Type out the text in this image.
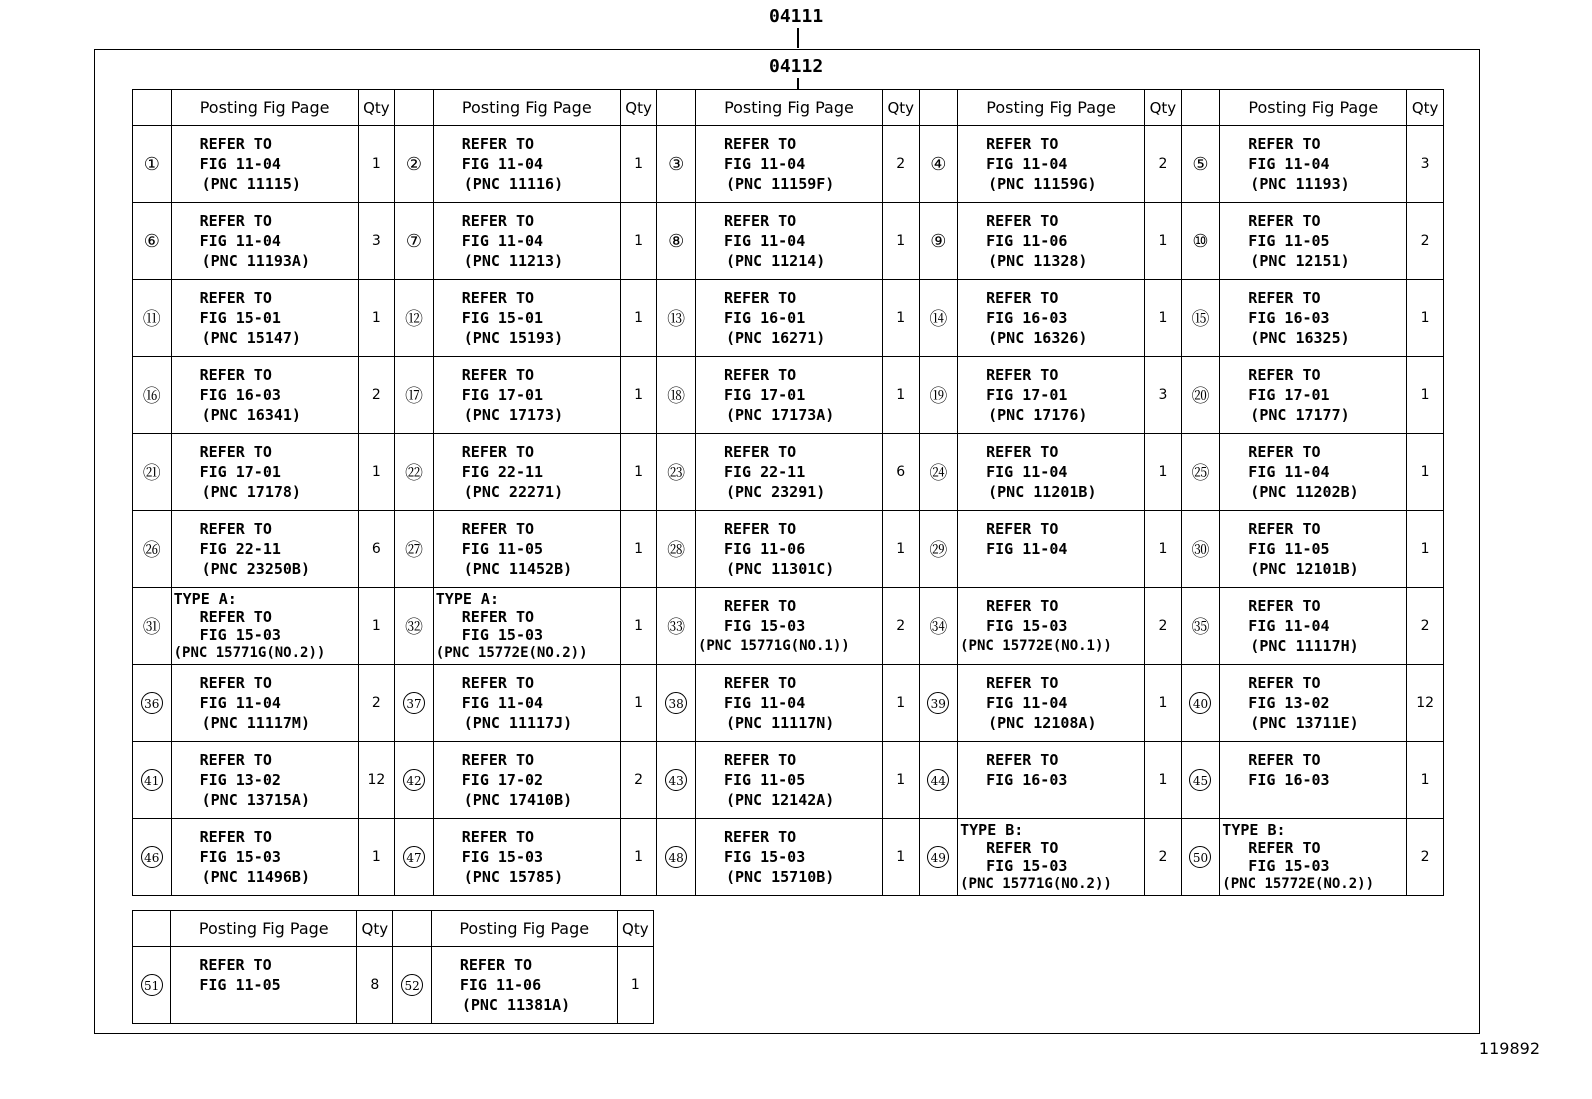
04111
04112
	Posting Fig Page	Qty		Posting Fig Page	Qty		Posting Fig Page	Qty		Posting Fig Page	Qty		Posting Fig Page	Qty
①	REFER TO
FIG 11-04
(PNC 11115)	1	②	REFER TO
FIG 11-04
(PNC 11116)	1	③	REFER TO
FIG 11-04
(PNC 11159F)	2	④	REFER TO
FIG 11-04
(PNC 11159G)	2	⑤	REFER TO
FIG 11-04
(PNC 11193)	3
⑥	REFER TO
FIG 11-04
(PNC 11193A)	3	⑦	REFER TO
FIG 11-04
(PNC 11213)	1	⑧	REFER TO
FIG 11-04
(PNC 11214)	1	⑨	REFER TO
FIG 11-06
(PNC 11328)	1	⑩	REFER TO
FIG 11-05
(PNC 12151)	2
⑪	REFER TO
FIG 15-01
(PNC 15147)	1	⑫	REFER TO
FIG 15-01
(PNC 15193)	1	⑬	REFER TO
FIG 16-01
(PNC 16271)	1	⑭	REFER TO
FIG 16-03
(PNC 16326)	1	⑮	REFER TO
FIG 16-03
(PNC 16325)	1
⑯	REFER TO
FIG 16-03
(PNC 16341)	2	⑰	REFER TO
FIG 17-01
(PNC 17173)	1	⑱	REFER TO
FIG 17-01
(PNC 17173A)	1	⑲	REFER TO
FIG 17-01
(PNC 17176)	3	⑳	REFER TO
FIG 17-01
(PNC 17177)	1
㉑	REFER TO
FIG 17-01
(PNC 17178)	1	㉒	REFER TO
FIG 22-11
(PNC 22271)	1	㉓	REFER TO
FIG 22-11
(PNC 23291)	6	㉔	REFER TO
FIG 11-04
(PNC 11201B)	1	㉕	REFER TO
FIG 11-04
(PNC 11202B)	1
㉖	REFER TO
FIG 22-11
(PNC 23250B)	6	㉗	REFER TO
FIG 11-05
(PNC 11452B)	1	㉘	REFER TO
FIG 11-06
(PNC 11301C)	1	㉙	REFER TO
FIG 11-04	1	㉚	REFER TO
FIG 11-05
(PNC 12101B)	1
㉛	TYPE A:
REFER TO
FIG 15-03
(PNC 15771G(NO.2))	1	㉜	TYPE A:
REFER TO
FIG 15-03
(PNC 15772E(NO.2))	1	㉝	REFER TO
FIG 15-03
(PNC 15771G(NO.1))	2	㉞	REFER TO
FIG 15-03
(PNC 15772E(NO.1))	2	㉟	REFER TO
FIG 11-04
(PNC 11117H)	2
36	REFER TO
FIG 11-04
(PNC 11117M)	2	37	REFER TO
FIG 11-04
(PNC 11117J)	1	38	REFER TO
FIG 11-04
(PNC 11117N)	1	39	REFER TO
FIG 11-04
(PNC 12108A)	1	40	REFER TO
FIG 13-02
(PNC 13711E)	12
41	REFER TO
FIG 13-02
(PNC 13715A)	12	42	REFER TO
FIG 17-02
(PNC 17410B)	2	43	REFER TO
FIG 11-05
(PNC 12142A)	1	44	REFER TO
FIG 16-03	1	45	REFER TO
FIG 16-03	1
46	REFER TO
FIG 15-03
(PNC 11496B)	1	47	REFER TO
FIG 15-03
(PNC 15785)	1	48	REFER TO
FIG 15-03
(PNC 15710B)	1	49	TYPE B:
REFER TO
FIG 15-03
(PNC 15771G(NO.2))	2	50	TYPE B:
REFER TO
FIG 15-03
(PNC 15772E(NO.2))	2
	Posting Fig Page	Qty		Posting Fig Page	Qty
51	REFER TO
FIG 11-05	8	52	REFER TO
FIG 11-06
(PNC 11381A)	1
119892
